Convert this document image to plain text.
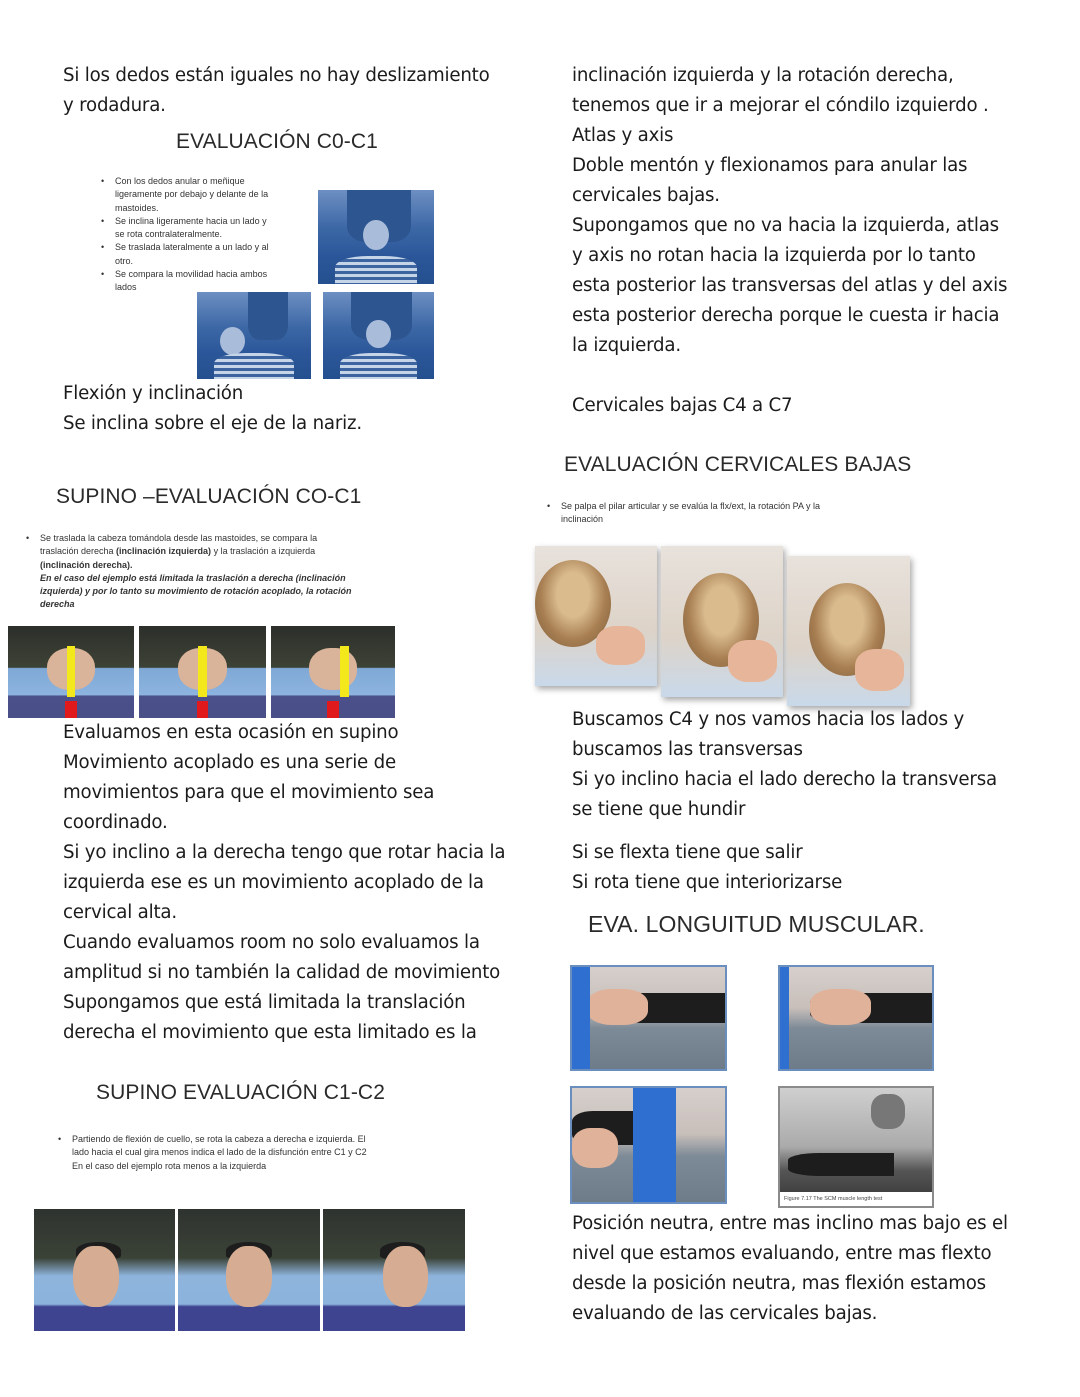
Si los dedos están iguales no hay deslizamiento
y rodadura.
EVALUACIÓN C0-C1
• Con los dedos anular o meñique
ligeramente por debajo y delante de la
mastoides.
• Se inclina ligeramente hacia un lado y
se rota contralateralmente.
• Se traslada lateralmente a un lado y al
otro.
• Se compara la movilidad hacia ambos
lados
Flexión y inclinación
Se inclina sobre el eje de la nariz.
SUPINO –EVALUACIÓN CO-C1
• Se traslada la cabeza tomándola desde las mastoides, se compara la
traslación derecha (inclinación izquierda) y la traslación a izquierda
(inclinación derecha).
En el caso del ejemplo está limitada la traslación a derecha (inclinación
izquierda) y por lo tanto su movimiento de rotación acoplado, la rotación
derecha
Evaluamos en esta ocasión en supino
Movimiento acoplado es una serie de
movimientos para que el movimiento sea
coordinado.
Si yo inclino a la derecha tengo que rotar hacia la
izquierda ese es un movimiento acoplado de la
cervical alta.
Cuando evaluamos room no solo evaluamos la
amplitud si no también la calidad de movimiento
Supongamos que está limitada la translación
derecha el movimiento que esta limitado es la
SUPINO EVALUACIÓN C1-C2
• Partiendo de flexión de cuello, se rota la cabeza a derecha e izquierda. El
lado hacia el cual gira menos indica el lado de la disfunción entre C1 y C2
En el caso del ejemplo rota menos a la izquierda
inclinación izquierda y la rotación derecha,
tenemos que ir a mejorar el cóndilo izquierdo .
Atlas y axis
Doble mentón y flexionamos para anular las
cervicales bajas.
Supongamos que no va hacia la izquierda, atlas
y axis no rotan hacia la izquierda por lo tanto
esta posterior las transversas del atlas y del axis
esta posterior derecha porque le cuesta ir hacia
la izquierda.
Cervicales bajas C4 a C7
EVALUACIÓN CERVICALES BAJAS
• Se palpa el pilar articular y se evalúa la flx/ext, la rotación PA y la
inclinación
Buscamos C4 y nos vamos hacia los lados y
buscamos las transversas
Si yo inclino hacia el lado derecho la transversa
se tiene que hundir
Si se flexta tiene que salir
Si rota tiene que interiorizarse
EVA. LONGUITUD MUSCULAR.
Figure 7.17 The SCM muscle length test
Posición neutra, entre mas inclino mas bajo es el
nivel que estamos evaluando, entre mas flexto
desde la posición neutra, mas flexión estamos
evaluando de las cervicales bajas.
